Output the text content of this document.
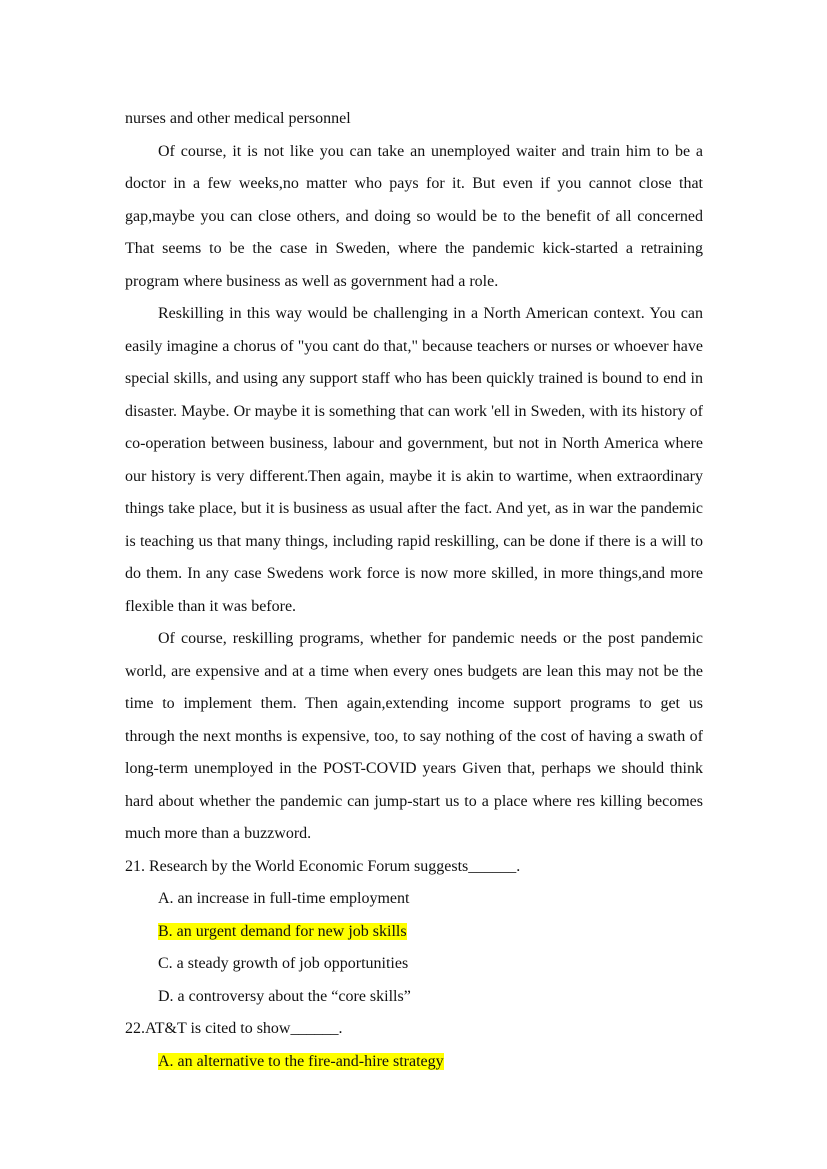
nurses and other medical personnel

Of course, it is not like you can take an unemployed waiter and train him to be a doctor in a few weeks,no matter who pays for it. But even if you cannot close that gap,maybe you can close others, and doing so would be to the benefit of all concerned That seems to be the case in Sweden, where the pandemic kick-started a retraining program where business as well as government had a role.

Reskilling in this way would be challenging in a North American context. You can easily imagine a chorus of "you cant do that," because teachers or nurses or whoever have special skills, and using any support staff who has been quickly trained is bound to end in disaster. Maybe. Or maybe it is something that can work 'ell in Sweden, with its history of co-operation between business, labour and government, but not in North America where our history is very different.Then again, maybe it is akin to wartime, when extraordinary things take place, but it is business as usual after the fact. And yet, as in war the pandemic is teaching us that many things, including rapid reskilling, can be done if there is a will to do them. In any case Swedens work force is now more skilled, in more things,and more flexible than it was before.

Of course, reskilling programs, whether for pandemic needs or the post pandemic world, are expensive and at a time when every ones budgets are lean this may not be the time to implement them. Then again,extending income support programs to get us through the next months is expensive, too, to say nothing of the cost of having a swath of long-term unemployed in the POST-COVID years Given that, perhaps we should think hard about whether the pandemic can jump-start us to a place where res killing becomes much more than a buzzword.

21. Research by the World Economic Forum suggests______.

A. an increase in full-time employment

B. an urgent demand for new job skills

C. a steady growth of job opportunities

D. a controversy about the “core skills”

22.AT&T is cited to show______.

A. an alternative to the fire-and-hire strategy
